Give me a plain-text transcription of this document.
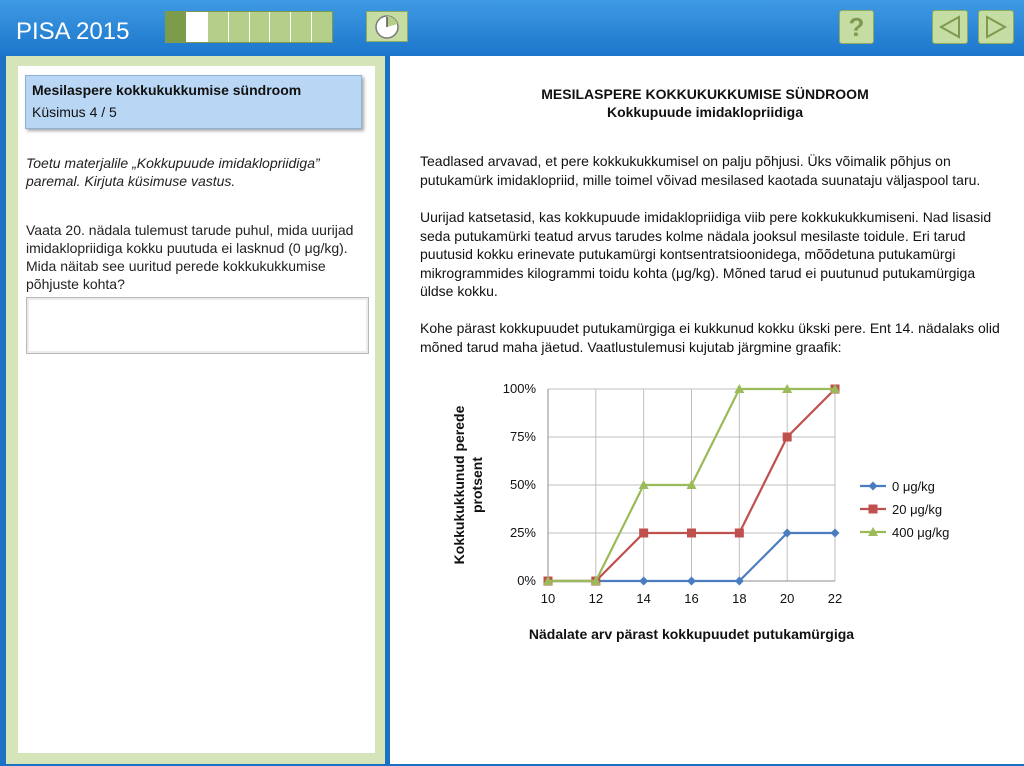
PISA 2015	?
Mesilaspere kokkukukkumise sündroom
Küsimus 4 / 5
Toetu materjalile „Kokkupuude imidaklopriidiga” paremal. Kirjuta küsimuse vastus.
Vaata 20. nädala tulemust tarude puhul, mida uurijad imidaklopriidiga kokku puutuda ei lasknud (0 μg/kg). Mida näitab see uuritud perede kokkukukkumise põhjuste kohta?
MESILASPERE KOKKUKUKKUMISE SÜNDROOM
Kokkupuude imidaklopriidiga
Teadlased arvavad, et pere kokkukukkumisel on palju põhjusi. Üks võimalik põhjus on putukamürk imidaklopriid, mille toimel võivad mesilased kaotada suunataju väljaspool taru.
Uurijad katsetasid, kas kokkupuude imidaklopriidiga viib pere kokkukukkumiseni. Nad lisasid seda putukamürki teatud arvus tarudes kolme nädala jooksul mesilaste toidule. Eri tarud puutusid kokku erinevate putukamürgi kontsentratsioonidega, mõõdetuna putukamürgi mikrogrammides kilogrammi toidu kohta (μg/kg). Mõned tarud ei puutunud putukamürgiga üldse kokku.
Kohe pärast kokkupuudet putukamürgiga ei kukkunud kokku ükski pere. Ent 14. nädalaks olid mõned tarud maha jäetud. Vaatlustulemusi kujutab järgmine graafik:
0%
25%
50%
75%
100%
10	12	14	16	18	20	22
Nädalate arv pärast kokkupuudet putukamürgiga
Kokkukukkunud perede protsent	0 μg/kg
20 μg/kg
400 μg/kg
